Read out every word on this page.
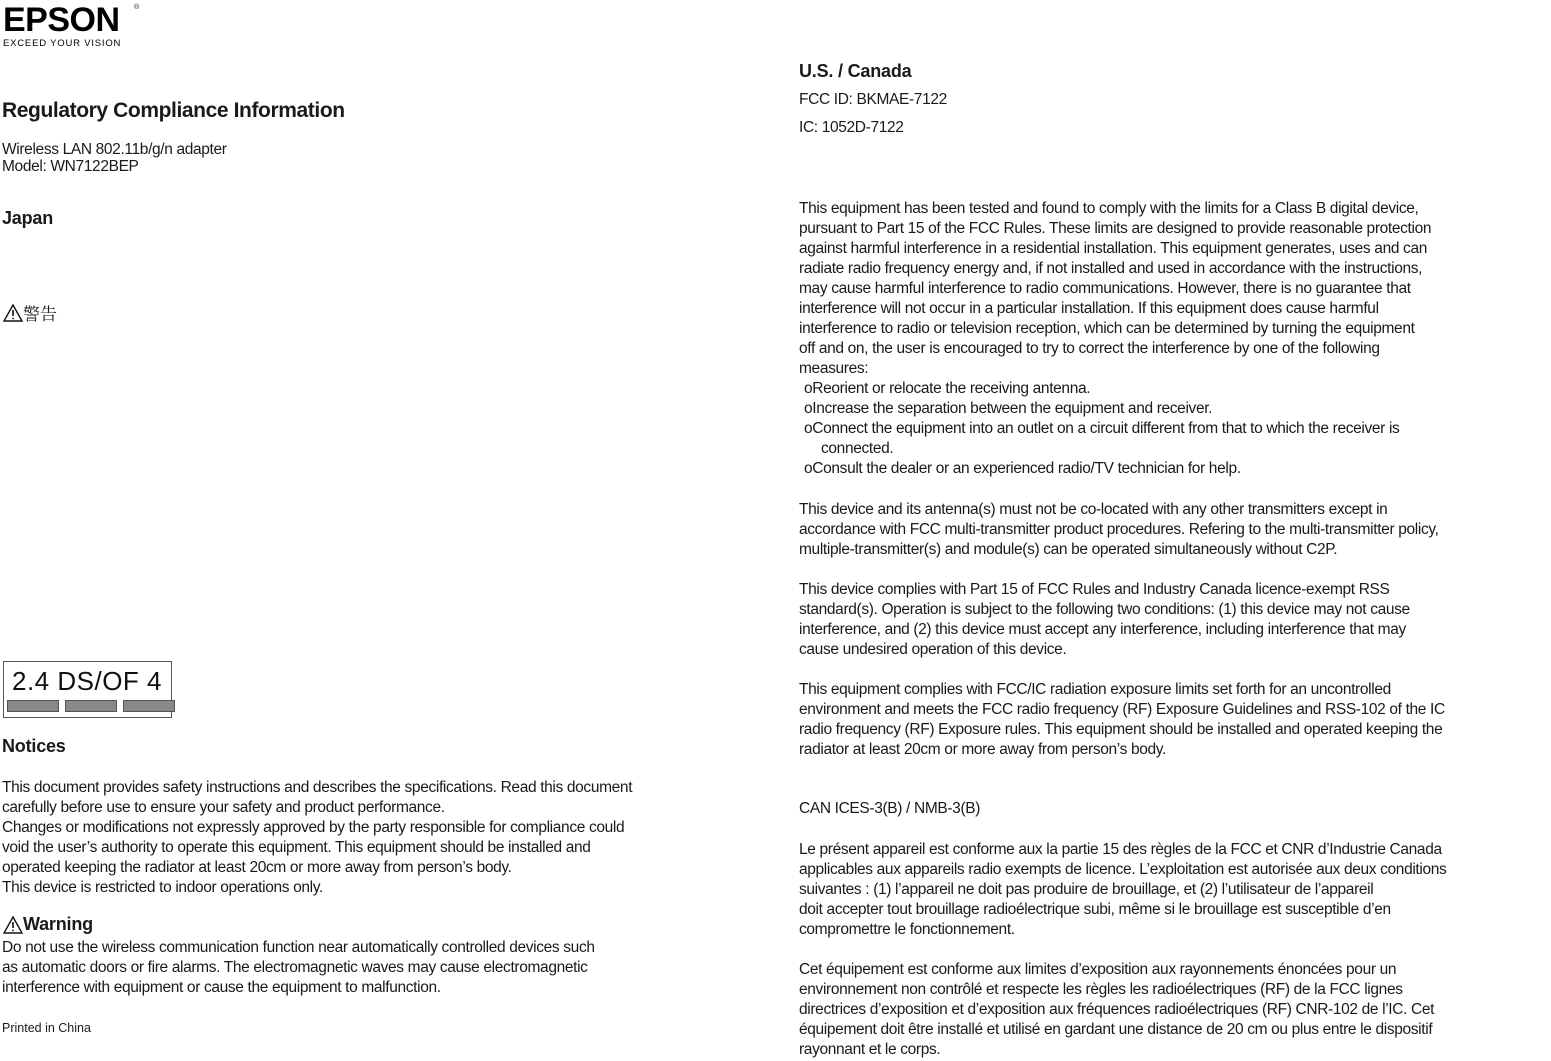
EPSON ®
EXCEED YOUR VISION
Regulatory Compliance Information
Wireless LAN 802.11b/g/n adapter
Model: WN7122BEP
Japan
警告
2.4 DS/OF 4
Notices
This document provides safety instructions and describes the specifications. Read this document
carefully before use to ensure your safety and product performance.
Changes or modifications not expressly approved by the party responsible for compliance could
void the user’s authority to operate this equipment. This equipment should be installed and
operated keeping the radiator at least 20cm or more away from person’s body.
This device is restricted to indoor operations only.
Warning
Do not use the wireless communication function near automatically controlled devices such
as automatic doors or fire alarms. The electromagnetic waves may cause electromagnetic
interference with equipment or cause the equipment to malfunction.
Printed in China
U.S. / Canada
FCC ID: BKMAE-7122
IC: 1052D-7122
This equipment has been tested and found to comply with the limits for a Class B digital device,
pursuant to Part 15 of the FCC Rules. These limits are designed to provide reasonable protection
against harmful interference in a residential installation. This equipment generates, uses and can
radiate radio frequency energy and, if not installed and used in accordance with the instructions,
may cause harmful interference to radio communications. However, there is no guarantee that
interference will not occur in a particular installation. If this equipment does cause harmful
interference to radio or television reception, which can be determined by turning the equipment
off and on, the user is encouraged to try to correct the interference by one of the following
measures:
oReorient or relocate the receiving antenna.
oIncrease the separation between the equipment and receiver.
oConnect the equipment into an outlet on a circuit different from that to which the receiver is
connected.
oConsult the dealer or an experienced radio/TV technician for help.
This device and its antenna(s) must not be co-located with any other transmitters except in
accordance with FCC multi-transmitter product procedures. Refering to the multi-transmitter policy,
multiple-transmitter(s) and module(s) can be operated simultaneously without C2P.
This device complies with Part 15 of FCC Rules and Industry Canada licence-exempt RSS
standard(s). Operation is subject to the following two conditions: (1) this device may not cause
interference, and (2) this device must accept any interference, including interference that may
cause undesired operation of this device.
This equipment complies with FCC/IC radiation exposure limits set forth for an uncontrolled
environment and meets the FCC radio frequency (RF) Exposure Guidelines and RSS-102 of the IC
radio frequency (RF) Exposure rules. This equipment should be installed and operated keeping the
radiator at least 20cm or more away from person’s body.
CAN ICES-3(B) / NMB-3(B)
Le présent appareil est conforme aux la partie 15 des règles de la FCC et CNR d’Industrie Canada
applicables aux appareils radio exempts de licence. L’exploitation est autorisée aux deux conditions
suivantes : (1) l’appareil ne doit pas produire de brouillage, et (2) l’utilisateur de l’appareil
doit accepter tout brouillage radioélectrique subi, même si le brouillage est susceptible d’en
compromettre le fonctionnement.
Cet équipement est conforme aux limites d’exposition aux rayonnements énoncées pour un
environnement non contrôlé et respecte les règles les radioélectriques (RF) de la FCC lignes
directrices d’exposition et d’exposition aux fréquences radioélectriques (RF) CNR-102 de l’IC. Cet
équipement doit être installé et utilisé en gardant une distance de 20 cm ou plus entre le dispositif
rayonnant et le corps.
